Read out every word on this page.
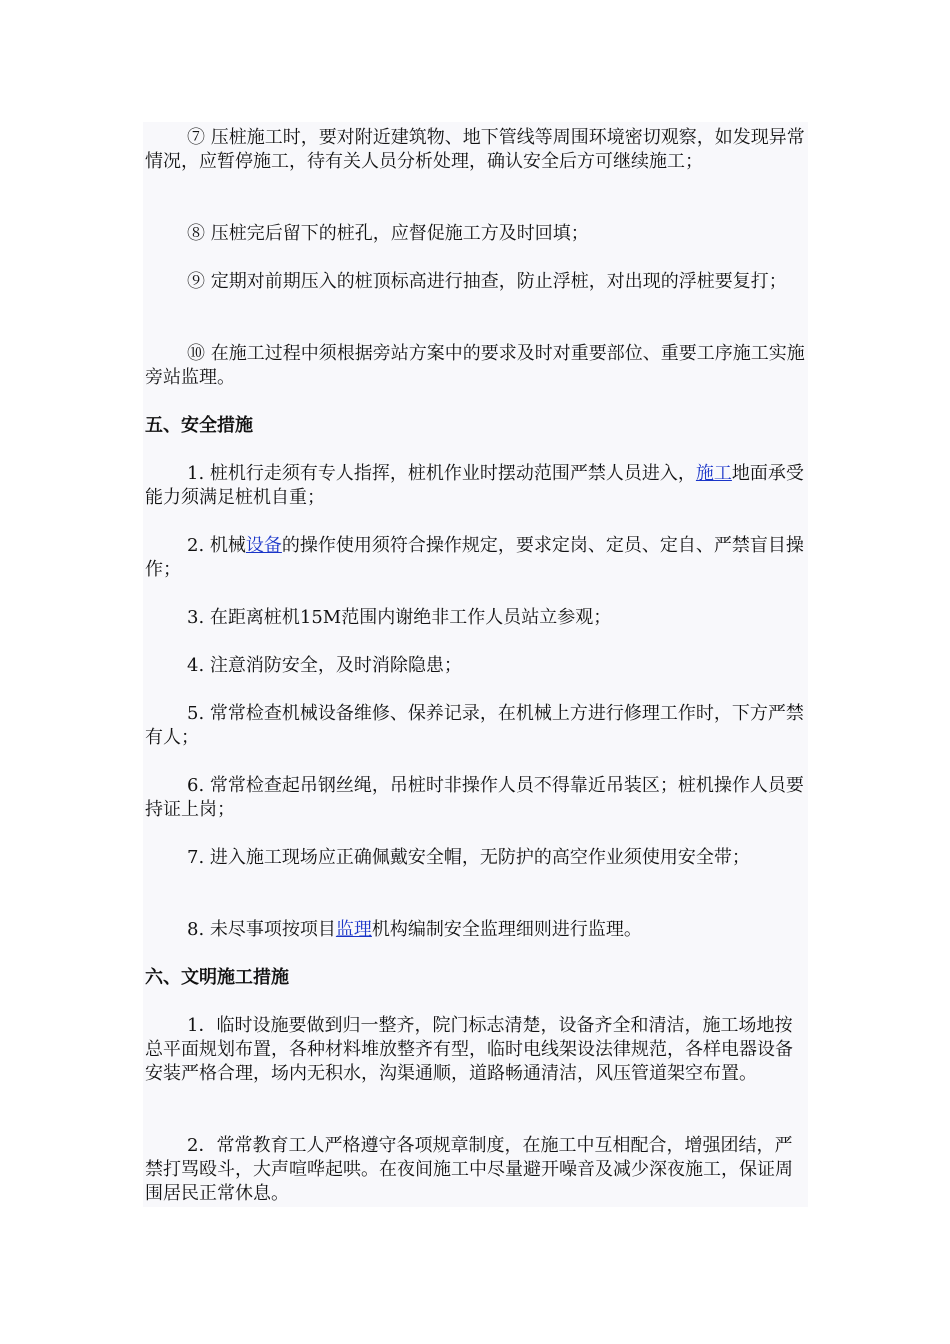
⑦ 压桩施工时，要对附近建筑物、地下管线等周围环境密切观察，如发现异常情况，应暂停施工，待有关人员分析处理，确认安全后方可继续施工；

⑧ 压桩完后留下的桩孔，应督促施工方及时回填；

⑨ 定期对前期压入的桩顶标高进行抽查，防止浮桩，对出现的浮桩要复打；

⑩ 在施工过程中须根据旁站方案中的要求及时对重要部位、重要工序施工实施旁站监理。

五、安全措施

1. 桩机行走须有专人指挥，桩机作业时摆动范围严禁人员进入，施工地面承受能力须满足桩机自重；

2. 机械设备的操作使用须符合操作规定，要求定岗、定员、定自、严禁盲目操作；

3. 在距离桩机15M范围内谢绝非工作人员站立参观；

4. 注意消防安全，及时消除隐患；

5. 常常检查机械设备维修、保养记录，在机械上方进行修理工作时，下方严禁有人；

6. 常常检查起吊钢丝绳，吊桩时非操作人员不得靠近吊装区；桩机操作人员要持证上岗；

7. 进入施工现场应正确佩戴安全帽，无防护的高空作业须使用安全带；

8. 未尽事项按项目监理机构编制安全监理细则进行监理。

六、文明施工措施

1．临时设施要做到归一整齐，院门标志清楚，设备齐全和清洁，施工场地按总平面规划布置，各种材料堆放整齐有型，临时电线架设法律规范，各样电器设备安装严格合理，场内无积水，沟渠通顺，道路畅通清洁，风压管道架空布置。

2．常常教育工人严格遵守各项规章制度，在施工中互相配合，增强团结，严禁打骂殴斗，大声喧哗起哄。在夜间施工中尽量避开噪音及减少深夜施工，保证周围居民正常休息。
